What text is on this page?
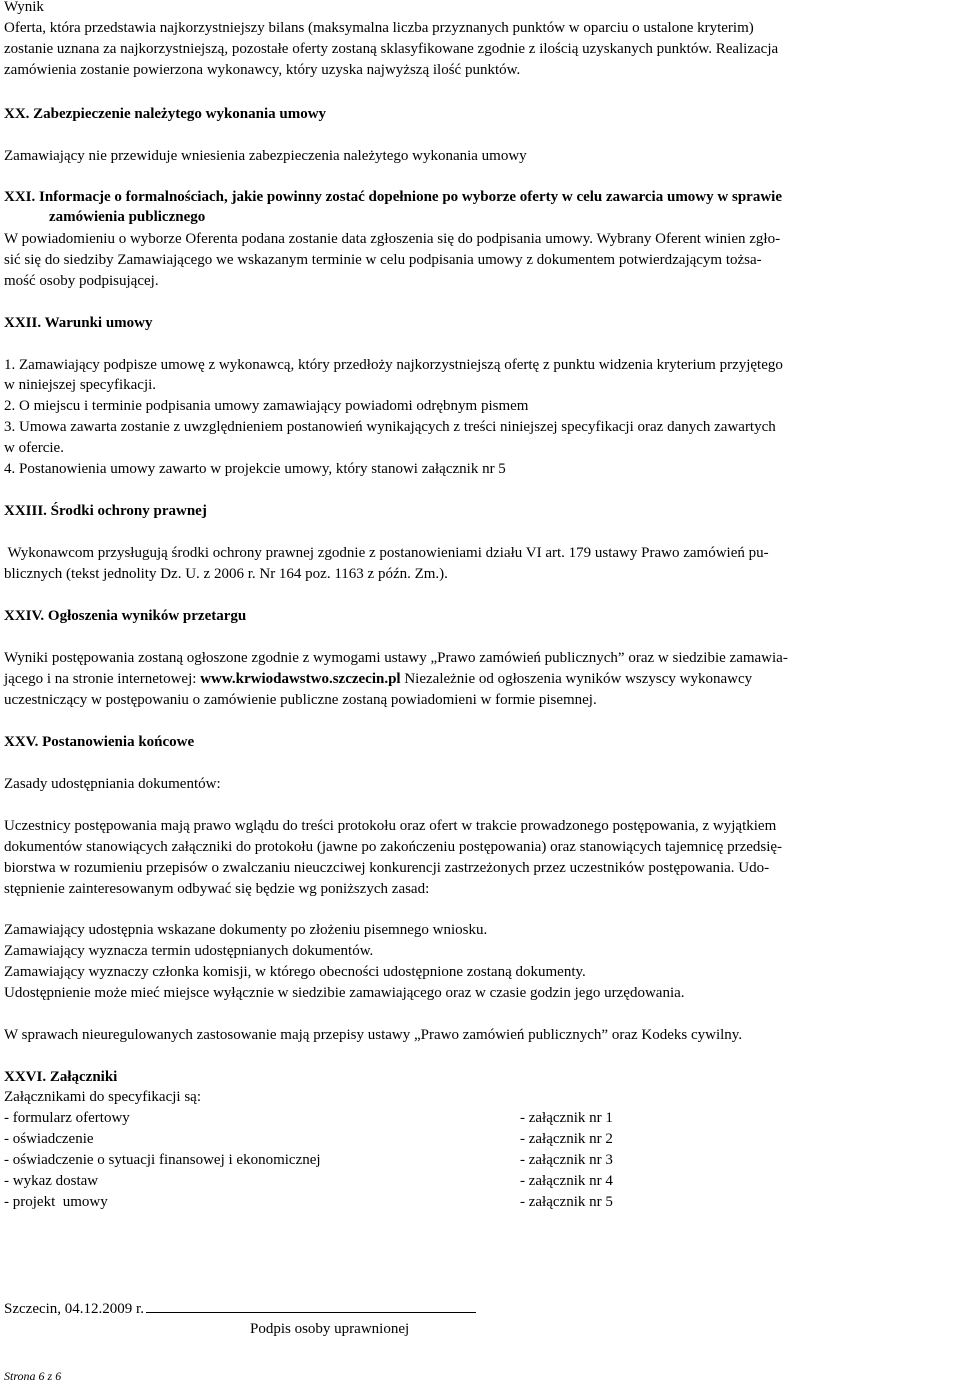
Wynik

Oferta, która przedstawia najkorzystniejszy bilans (maksymalna liczba przyznanych punktów w oparciu o ustalone kryterim)

zostanie uznana za najkorzystniejszą, pozostałe oferty zostaną sklasyfikowane zgodnie z ilością uzyskanych punktów. Realizacja

zamówienia zostanie powierzona wykonawcy, który uzyska najwyższą ilość punktów.

XX. Zabezpieczenie należytego wykonania umowy

Zamawiający nie przewiduje wniesienia zabezpieczenia należytego wykonania umowy

XXI. Informacje o formalnościach, jakie powinny zostać dopełnione po wyborze oferty w celu zawarcia umowy w sprawie

zamówienia publicznego

W powiadomieniu o wyborze Oferenta podana zostanie data zgłoszenia się do podpisania umowy. Wybrany Oferent winien zgło-

sić się do siedziby Zamawiającego we wskazanym terminie w celu podpisania umowy z dokumentem potwierdzającym tożsa-

mość osoby podpisującej.

XXII. Warunki umowy

1. Zamawiający podpisze umowę z wykonawcą, który przedłoży najkorzystniejszą ofertę z punktu widzenia kryterium przyjętego

w niniejszej specyfikacji.

2. O miejscu i terminie podpisania umowy zamawiający powiadomi odrębnym pismem

3. Umowa zawarta zostanie z uwzględnieniem postanowień wynikających z treści niniejszej specyfikacji oraz danych zawartych

w ofercie.

4. Postanowienia umowy zawarto w projekcie umowy, który stanowi załącznik nr 5

XXIII. Środki ochrony prawnej

Wykonawcom przysługują środki ochrony prawnej zgodnie z postanowieniami działu VI art. 179 ustawy Prawo zamówień pu-

blicznych (tekst jednolity Dz. U. z 2006 r. Nr 164 poz. 1163 z późn. Zm.).

XXIV. Ogłoszenia wyników przetargu

Wyniki postępowania zostaną ogłoszone zgodnie z wymogami ustawy „Prawo zamówień publicznych” oraz w siedzibie zamawia-

jącego i na stronie internetowej: www.krwiodawstwo.szczecin.pl Niezależnie od ogłoszenia wyników wszyscy wykonawcy

uczestniczący w postępowaniu o zamówienie publiczne zostaną powiadomieni w formie pisemnej.

XXV. Postanowienia końcowe

Zasady udostępniania dokumentów:

Uczestnicy postępowania mają prawo wglądu do treści protokołu oraz ofert w trakcie prowadzonego postępowania, z wyjątkiem

dokumentów stanowiących załączniki do protokołu (jawne po zakończeniu postępowania) oraz stanowiących tajemnicę przedsię-

biorstwa w rozumieniu przepisów o zwalczaniu nieuczciwej konkurencji zastrzeżonych przez uczestników postępowania. Udo-

stępnienie zainteresowanym odbywać się będzie wg poniższych zasad:

Zamawiający udostępnia wskazane dokumenty po złożeniu pisemnego wniosku.

Zamawiający wyznacza termin udostępnianych dokumentów.

Zamawiający wyznaczy członka komisji, w którego obecności udostępnione zostaną dokumenty.

Udostępnienie może mieć miejsce wyłącznie w siedzibie zamawiającego oraz w czasie godzin jego urzędowania.

W sprawach nieuregulowanych zastosowanie mają przepisy ustawy „Prawo zamówień publicznych” oraz Kodeks cywilny.

XXVI. Załączniki

Załącznikami do specyfikacji są:

- formularz ofertowy	- załącznik nr 1

- oświadczenie	- załącznik nr 2

- oświadczenie o sytuacji finansowej i ekonomicznej	- załącznik nr 3

- wykaz dostaw	- załącznik nr 4

- projekt  umowy	- załącznik nr 5

Szczecin, 04.12.2009 r.

Podpis osoby uprawnionej

Strona 6 z 6
